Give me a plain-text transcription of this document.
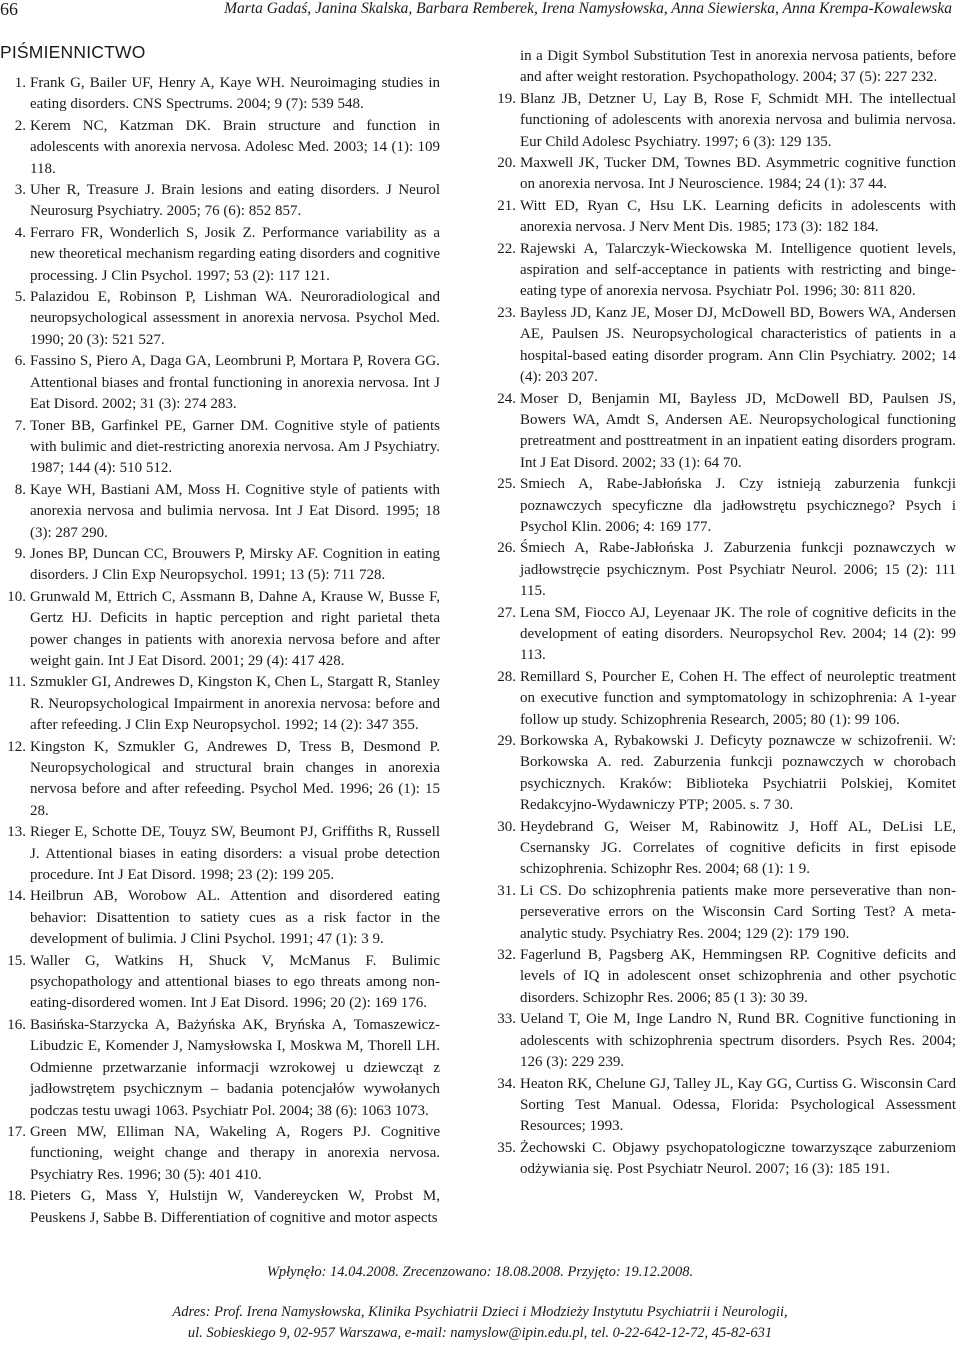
66	Marta Gadaś, Janina Skalska, Barbara Remberek, Irena Namysłowska, Anna Siewierska, Anna Krempa-Kowalewska
PIŚMIENNICTWO
1. Frank G, Bailer UF, Henry A, Kaye WH. Neuroimaging studies in eating disorders. CNS Spectrums. 2004; 9 (7): 539 548.
2. Kerem NC, Katzman DK. Brain structure and function in adolescents with anorexia nervosa. Adolesc Med. 2003; 14 (1): 109 118.
3. Uher R, Treasure J. Brain lesions and eating disorders. J Neurol Neurosurg Psychiatry. 2005; 76 (6): 852 857.
4. Ferraro FR, Wonderlich S, Josik Z. Performance variability as a new theoretical mechanism regarding eating disorders and cognitive processing. J Clin Psychol. 1997; 53 (2): 117 121.
5. Palazidou E, Robinson P, Lishman WA. Neuroradiological and neuropsychological assessment in anorexia nervosa. Psychol Med. 1990; 20 (3): 521 527.
6. Fassino S, Piero A, Daga GA, Leombruni P, Mortara P, Rovera GG. Attentional biases and frontal functioning in anorexia nervosa. Int J Eat Disord. 2002; 31 (3): 274 283.
7. Toner BB, Garfinkel PE, Garner DM. Cognitive style of patients with bulimic and diet-restricting anorexia nervosa. Am J Psychiatry. 1987; 144 (4): 510 512.
8. Kaye WH, Bastiani AM, Moss H. Cognitive style of patients with anorexia nervosa and bulimia nervosa. Int J Eat Disord. 1995; 18 (3): 287 290.
9. Jones BP, Duncan CC, Brouwers P, Mirsky AF. Cognition in eating disorders. J Clin Exp Neuropsychol. 1991; 13 (5): 711 728.
10. Grunwald M, Ettrich C, Assmann B, Dahne A, Krause W, Busse F, Gertz HJ. Deficits in haptic perception and right parietal theta power changes in patients with anorexia nervosa before and after weight gain. Int J Eat Disord. 2001; 29 (4): 417 428.
11. Szmukler GI, Andrewes D, Kingston K, Chen L, Stargatt R, Stanley R. Neuropsychological Impairment in anorexia nervosa: before and after refeeding. J Clin Exp Neuropsychol. 1992; 14 (2): 347 355.
12. Kingston K, Szmukler G, Andrewes D, Tress B, Desmond P. Neuropsychological and structural brain changes in anorexia nervosa before and after refeeding. Psychol Med. 1996; 26 (1): 15 28.
13. Rieger E, Schotte DE, Touyz SW, Beumont PJ, Griffiths R, Russell J. Attentional biases in eating disorders: a visual probe detection procedure. Int J Eat Disord. 1998; 23 (2): 199 205.
14. Heilbrun AB, Worobow AL. Attention and disordered eating behavior: Disattention to satiety cues as a risk factor in the development of bulimia. J Clini Psychol. 1991; 47 (1): 3 9.
15. Waller G, Watkins H, Shuck V, McManus F. Bulimic psychopathology and attentional biases to ego threats among non-eating-disordered women. Int J Eat Disord. 1996; 20 (2): 169 176.
16. Basińska-Starzycka A, Bażyńska AK, Bryńska A, Tomaszewicz-Libudzic E, Komender J, Namysłowska I, Moskwa M, Thorell LH. Odmienne przetwarzanie informacji wzrokowej u dziewcząt z jadłowstrętem psychicznym – badania potencjałów wywołanych podczas testu uwagi 1063. Psychiatr Pol. 2004; 38 (6): 1063 1073.
17. Green MW, Elliman NA, Wakeling A, Rogers PJ. Cognitive functioning, weight change and therapy in anorexia nervosa. Psychiatry Res. 1996; 30 (5): 401 410.
18. Pieters G, Mass Y, Hulstijn W, Vandereycken W, Probst M, Peuskens J, Sabbe B. Differentiation of cognitive and motor aspects

in a Digit Symbol Substitution Test in anorexia nervosa patients, before and after weight restoration. Psychopathology. 2004; 37 (5): 227 232.

19. Blanz JB, Detzner U, Lay B, Rose F, Schmidt MH. The intellectual functioning of adolescents with anorexia nervosa and bulimia nervosa. Eur Child Adolesc Psychiatry. 1997; 6 (3): 129 135.
20. Maxwell JK, Tucker DM, Townes BD. Asymmetric cognitive function on anorexia nervosa. Int J Neuroscience. 1984; 24 (1): 37 44.
21. Witt ED, Ryan C, Hsu LK. Learning deficits in adolescents with anorexia nervosa. J Nerv Ment Dis. 1985; 173 (3): 182 184.
22. Rajewski A, Talarczyk-Wieckowska M. Intelligence quotient levels, aspiration and self-acceptance in patients with restricting and binge-eating type of anorexia nervosa. Psychiatr Pol. 1996; 30: 811 820.
23. Bayless JD, Kanz JE, Moser DJ, McDowell BD, Bowers WA, Andersen AE, Paulsen JS. Neuropsychological characteristics of patients in a hospital-based eating disorder program. Ann Clin Psychiatry. 2002; 14 (4): 203 207.
24. Moser D, Benjamin MI, Bayless JD, McDowell BD, Paulsen JS, Bowers WA, Amdt S, Andersen AE. Neuropsychological functioning pretreatment and posttreatment in an inpatient eating disorders program. Int J Eat Disord. 2002; 33 (1): 64 70.
25. Smiech A, Rabe-Jabłońska J. Czy istnieją zaburzenia funkcji poznawczych specyficzne dla jadłowstrętu psychicznego? Psych i Psychol Klin. 2006; 4: 169 177.
26. Śmiech A, Rabe-Jabłońska J. Zaburzenia funkcji poznawczych w jadłowstręcie psychicznym. Post Psychiatr Neurol. 2006; 15 (2): 111 115.
27. Lena SM, Fiocco AJ, Leyenaar JK. The role of cognitive deficits in the development of eating disorders. Neuropsychol Rev. 2004; 14 (2): 99 113.
28. Remillard S, Pourcher E, Cohen H. The effect of neuroleptic treatment on executive function and symptomatology in schizophrenia: A 1-year follow up study. Schizophrenia Research, 2005; 80 (1): 99 106.
29. Borkowska A, Rybakowski J. Deficyty poznawcze w schizofrenii. W: Borkowska A. red. Zaburzenia funkcji poznawczych w chorobach psychicznych. Kraków: Biblioteka Psychiatrii Polskiej, Komitet Redakcyjno-Wydawniczy PTP; 2005. s. 7 30.
30. Heydebrand G, Weiser M, Rabinowitz J, Hoff AL, DeLisi LE, Csernansky JG. Correlates of cognitive deficits in first episode schizophrenia. Schizophr Res. 2004; 68 (1): 1 9.
31. Li CS. Do schizophrenia patients make more perseverative than non-perseverative errors on the Wisconsin Card Sorting Test? A meta-analytic study. Psychiatry Res. 2004; 129 (2): 179 190.
32. Fagerlund B, Pagsberg AK, Hemmingsen RP. Cognitive deficits and levels of IQ in adolescent onset schizophrenia and other psychotic disorders. Schizophr Res. 2006; 85 (1 3): 30 39.
33. Ueland T, Oie M, Inge Landro N, Rund BR. Cognitive functioning in adolescents with schizophrenia spectrum disorders. Psych Res. 2004; 126 (3): 229 239.
34. Heaton RK, Chelune GJ, Talley JL, Kay GG, Curtiss G. Wisconsin Card Sorting Test Manual. Odessa, Florida: Psychological Assessment Resources; 1993.
35. Żechowski C. Objawy psychopatologiczne towarzyszące zaburzeniom odżywiania się. Post Psychiatr Neurol. 2007; 16 (3): 185 191.
Wpłynęło: 14.04.2008. Zrecenzowano: 18.08.2008. Przyjęto: 19.12.2008.
Adres: Prof. Irena Namysłowska, Klinika Psychiatrii Dzieci i Młodzieży Instytutu Psychiatrii i Neurologii,
ul. Sobieskiego 9, 02-957 Warszawa, e-mail: namyslow@ipin.edu.pl, tel. 0-22-642-12-72, 45-82-631
